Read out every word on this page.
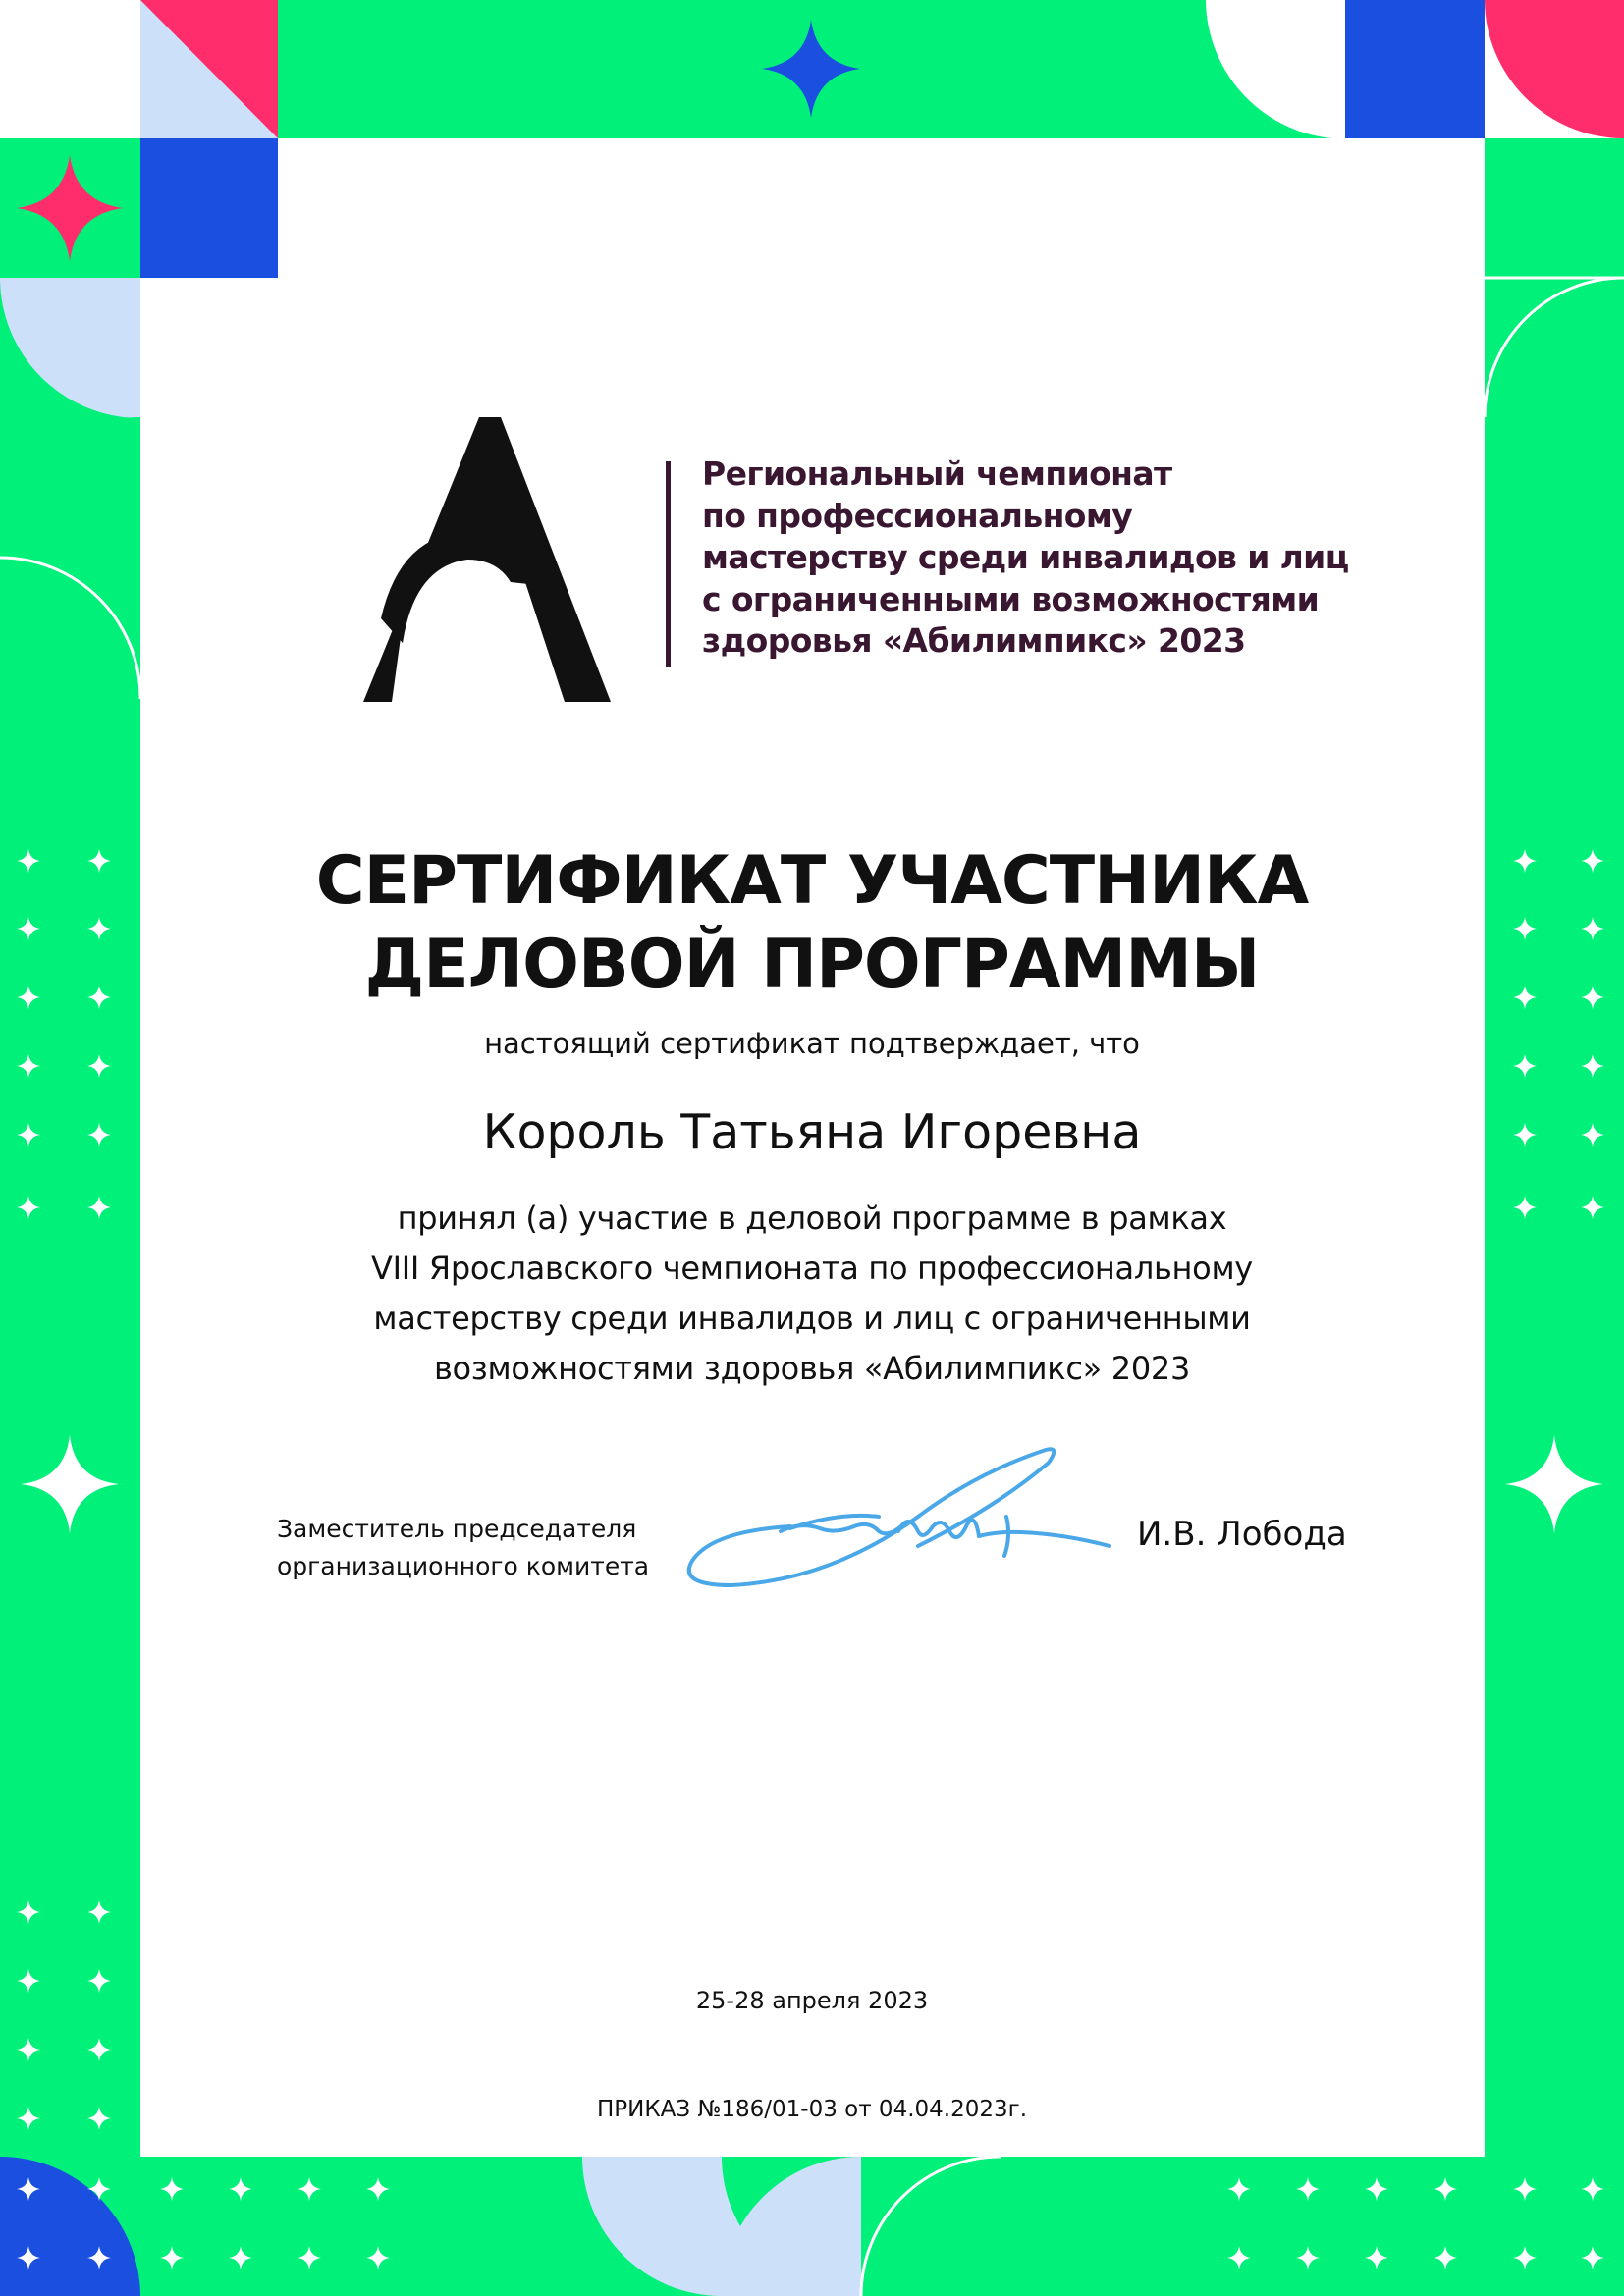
Региональный чемпионат
по профессиональному
мастерству среди инвалидов и лиц
с ограниченными возможностями
здоровья «Абилимпикс» 2023
СЕРТИФИКАТ УЧАСТНИКА
ДЕЛОВОЙ ПРОГРАММЫ
настоящий сертификат подтверждает, что
Король Татьяна Игоревна
принял (а) участие в деловой программе в рамках
VIII Ярославского чемпионата по профессиональному
мастерству среди инвалидов и лиц с ограниченными
возможностями здоровья «Абилимпикс» 2023
Заместитель председателя
организационного комитета
И.В. Лобода
25-28 апреля 2023
ПРИКАЗ №186/01-03 от 04.04.2023г.
